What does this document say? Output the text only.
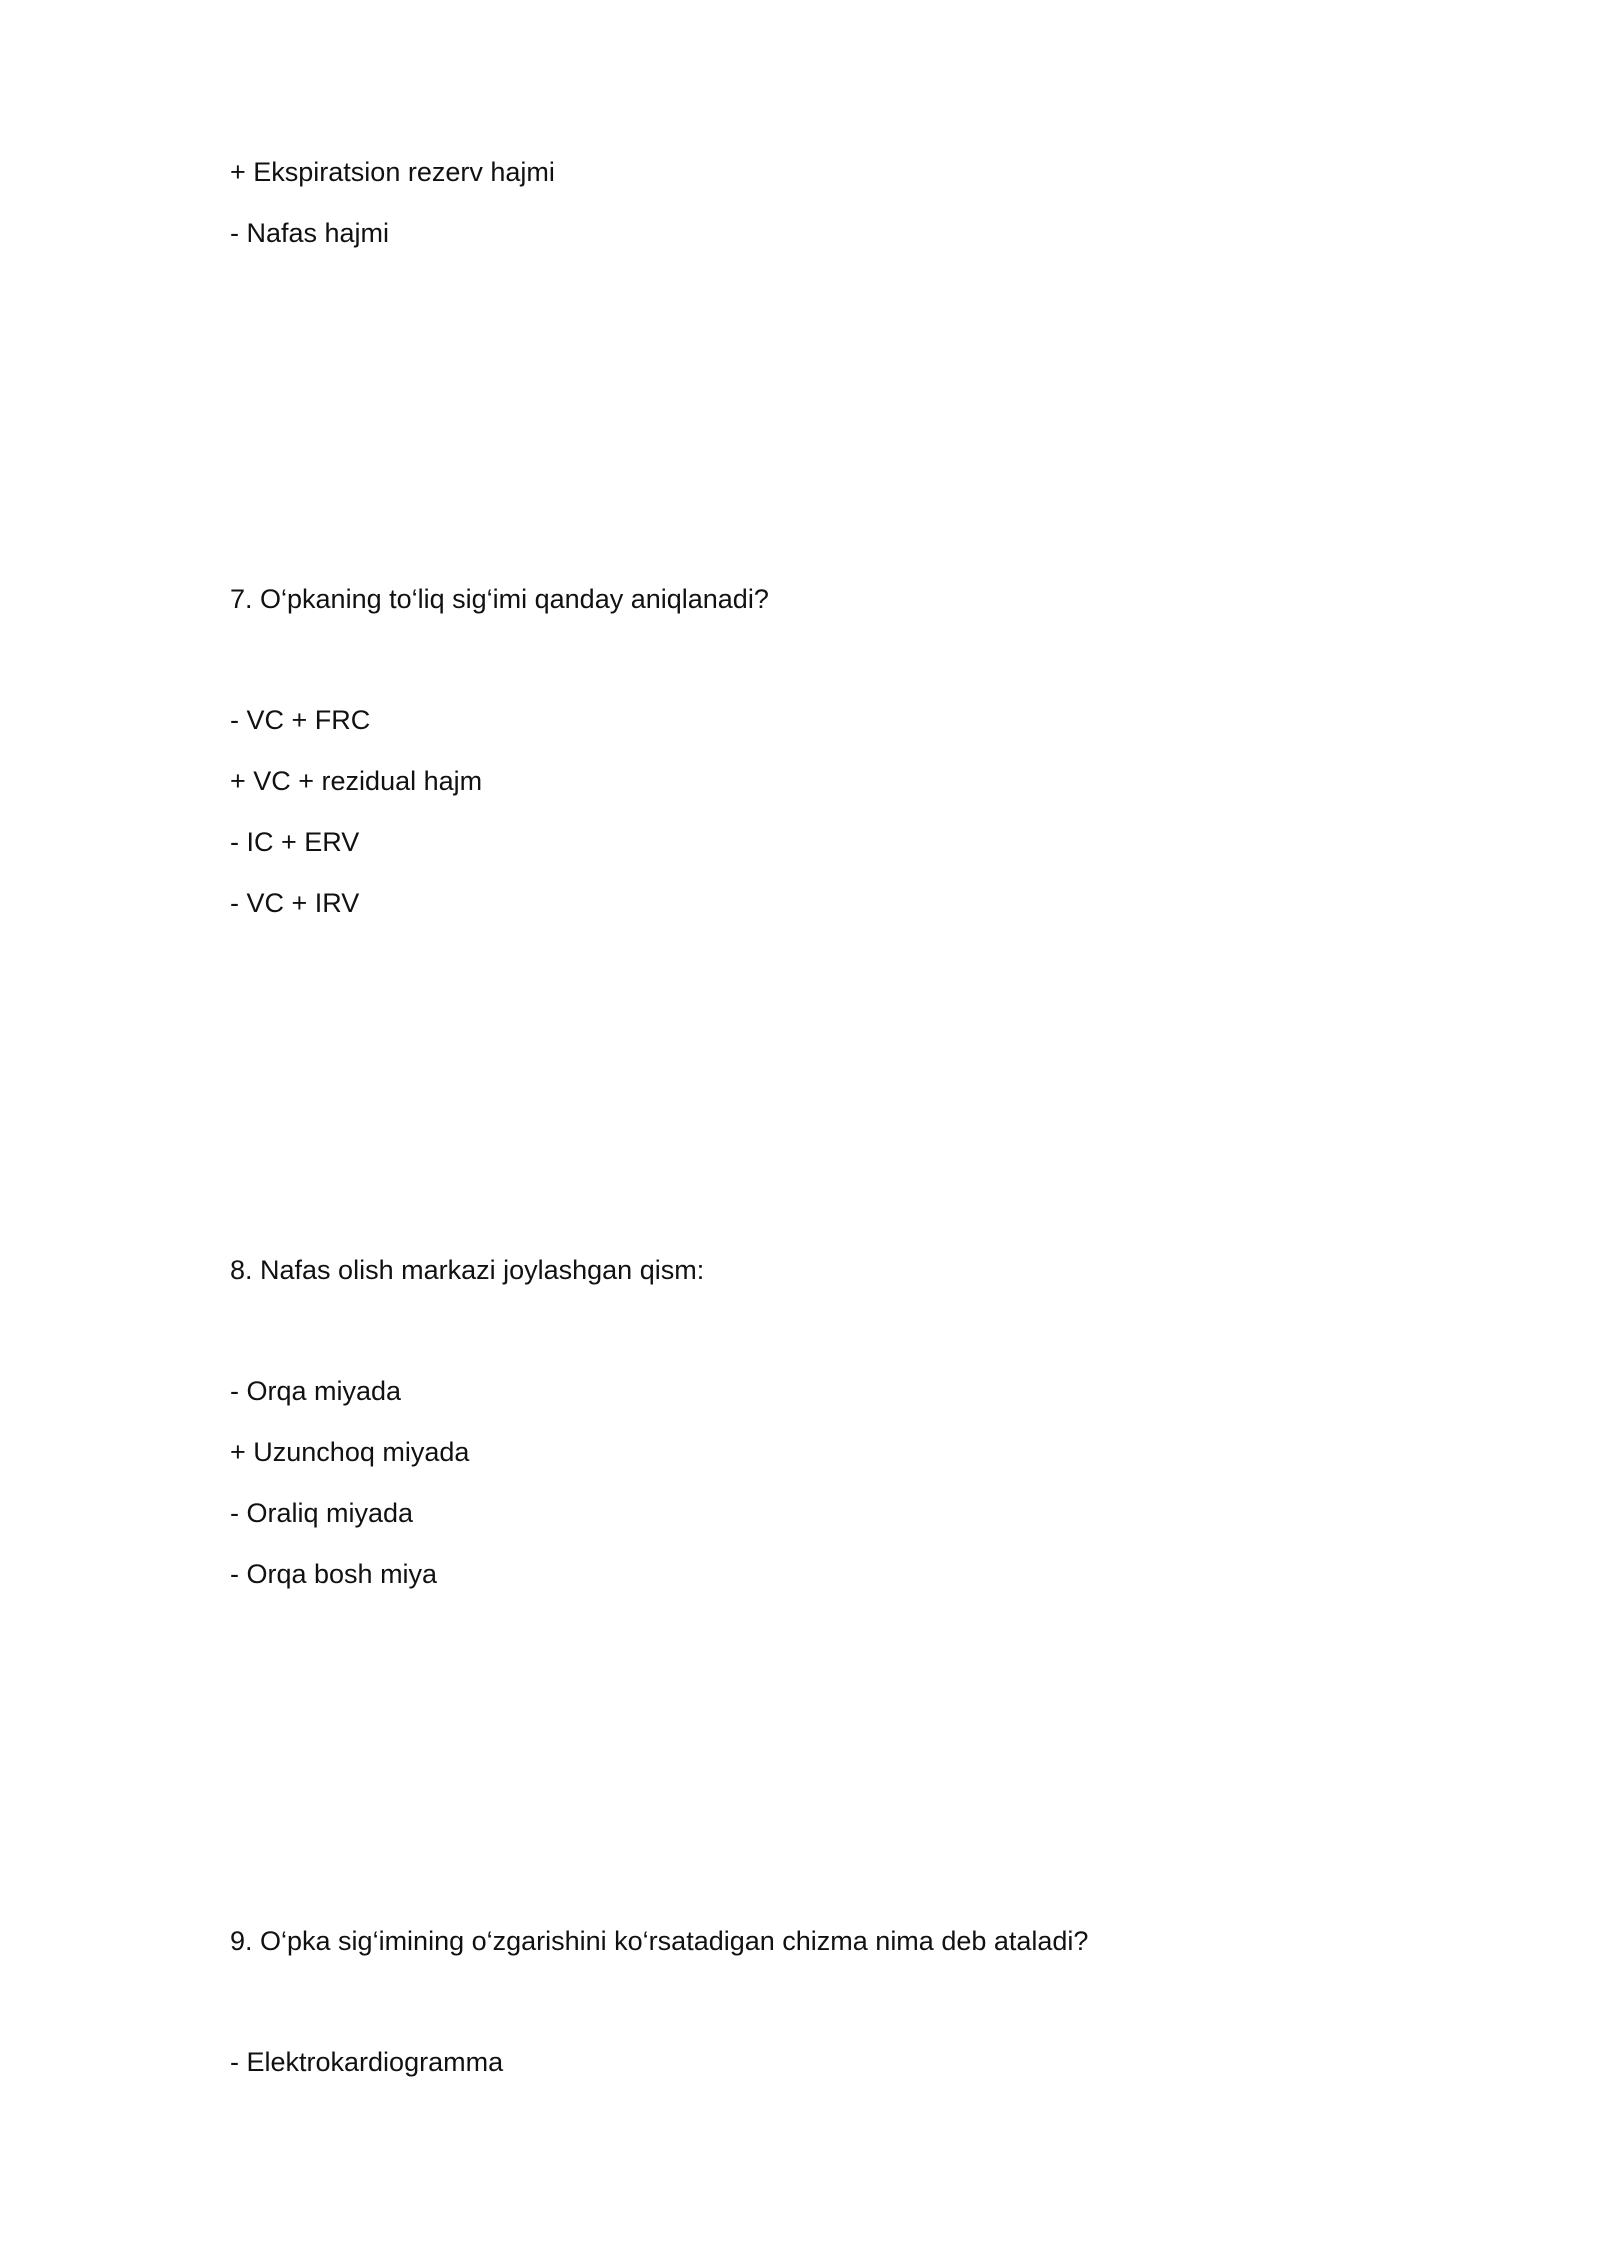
+ Ekspiratsion rezerv hajmi
- Nafas hajmi
7. O‘pkaning to‘liq sig‘imi qanday aniqlanadi?
- VC + FRC
+ VC + rezidual hajm
- IC + ERV
- VC + IRV
8. Nafas olish markazi joylashgan qism:
- Orqa miyada
+ Uzunchoq miyada
- Oraliq miyada
- Orqa bosh miya
9. O‘pka sig‘imining o‘zgarishini ko‘rsatadigan chizma nima deb ataladi?
- Elektrokardiogramma
